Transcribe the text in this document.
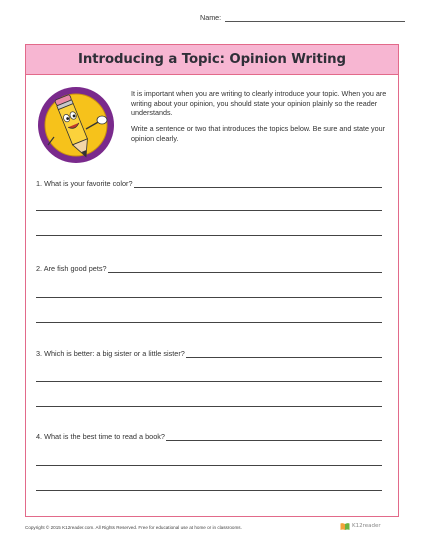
Name:
Introducing a Topic: Opinion Writing

It is important when you are writing to clearly introduce your topic. When you are writing about your opinion, you should state your opinion plainly so the reader understands.

Write a sentence or two that introduces the topics below. Be sure and state your opinion clearly.

1. What is your favorite color?
2. Are fish good pets?
3. Which is better: a big sister or a little sister?
4. What is the best time to read a book?
Copyright © 2015 K12reader.com. All Rights Reserved. Free for educational use at home or in classrooms.	K12reader
